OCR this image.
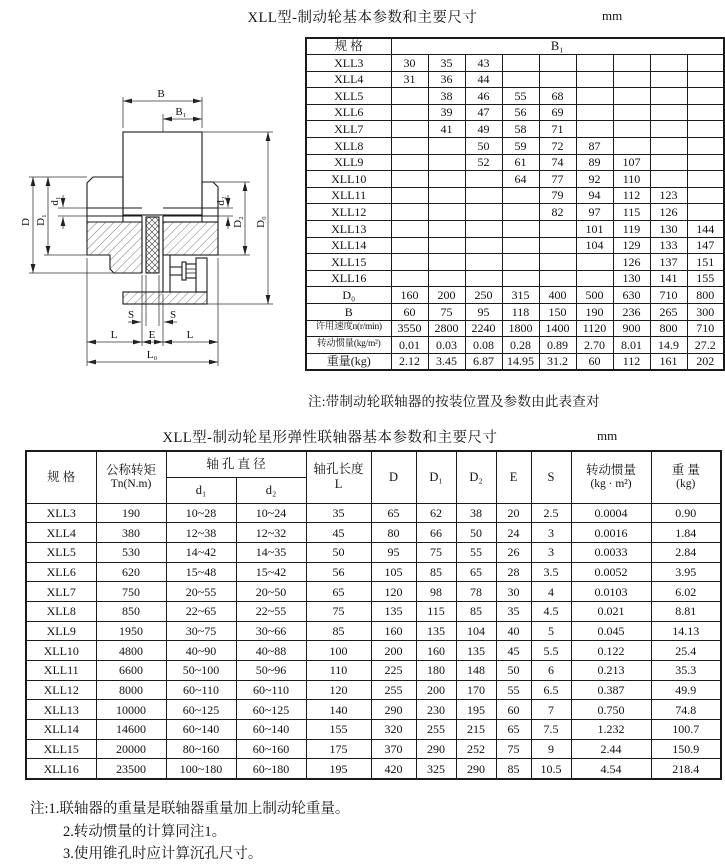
XLL型-制动轮基本参数和主要尺寸	mm
B
B₁
D D₁
d₁	d₂
D₂ D₀
S	S
L	E	L
L₀
规 格	B₁								
XLL3	30	35	43						
XLL4	31	36	44						
XLL5		38	46	55	68				
XLL6		39	47	56	69				
XLL7		41	49	58	71				
XLL8			50	59	72	87			
XLL9			52	61	74	89	107		
XLL10				64	77	92	110		
XLL11					79	94	112	123	
XLL12					82	97	115	126	
XLL13						101	119	130	144
XLL14						104	129	133	147
XLL15							126	137	151
XLL16							130	141	155
D₀	160	200	250	315	400	500	630	710	800
B	60	75	95	118	150	190	236	265	300
许用速度n(r/min)	3550	2800	2240	1800	1400	1120	900	800	710
转动惯量(kg/m²)	0.01	0.03	0.08	0.28	0.89	2.70	8.01	14.9	27.2
重量(kg)	2.12	3.45	6.87	14.95	31.2	60	112	161	202
注:带制动轮联轴器的按装位置及参数由此表查对
XLL型-制动轮星形弹性联轴器基本参数和主要尺寸	mm
规 格	公称转矩
Tn(N.m)
	轴 孔 直 径	轴孔长度
L
	D	D₁	D₂	E	S	转动惯量
(kg · m²)

重 量
(kg)

		d₁	d₂								
XLL3	190	10~28	10~24	35	65	62	38	20	2.5	0.0004	0.90
XLL4	380	12~38	12~32	45	80	66	50	24	3	0.0016	1.84
XLL5	530	14~42	14~35	50	95	75	55	26	3	0.0033	2.84
XLL6	620	15~48	15~42	56	105	85	65	28	3.5	0.0052	3.95
XLL7	750	20~55	20~50	65	120	98	78	30	4	0.0103	6.02
XLL8	850	22~65	22~55	75	135	115	85	35	4.5	0.021	8.81
XLL9	1950	30~75	30~66	85	160	135	104	40	5	0.045	14.13
XLL10	4800	40~90	40~88	100	200	160	135	45	5.5	0.122	25.4
XLL11	6600	50~100	50~96	110	225	180	148	50	6	0.213	35.3
XLL12	8000	60~110	60~110	120	255	200	170	55	6.5	0.387	49.9
XLL13	10000	60~125	60~125	140	290	230	195	60	7	0.750	74.8
XLL14	14600	60~140	60~140	155	320	255	215	65	7.5	1.232	100.7
XLL15	20000	80~160	60~160	175	370	290	252	75	9	2.44	150.9
XLL16	23500	100~180	60~180	195	420	325	290	85	10.5	4.54	218.4
注:1.联轴器的重量是联轴器重量加上制动轮重量。
2.转动惯量的计算同注1。
3.使用锥孔时应计算沉孔尺寸。
